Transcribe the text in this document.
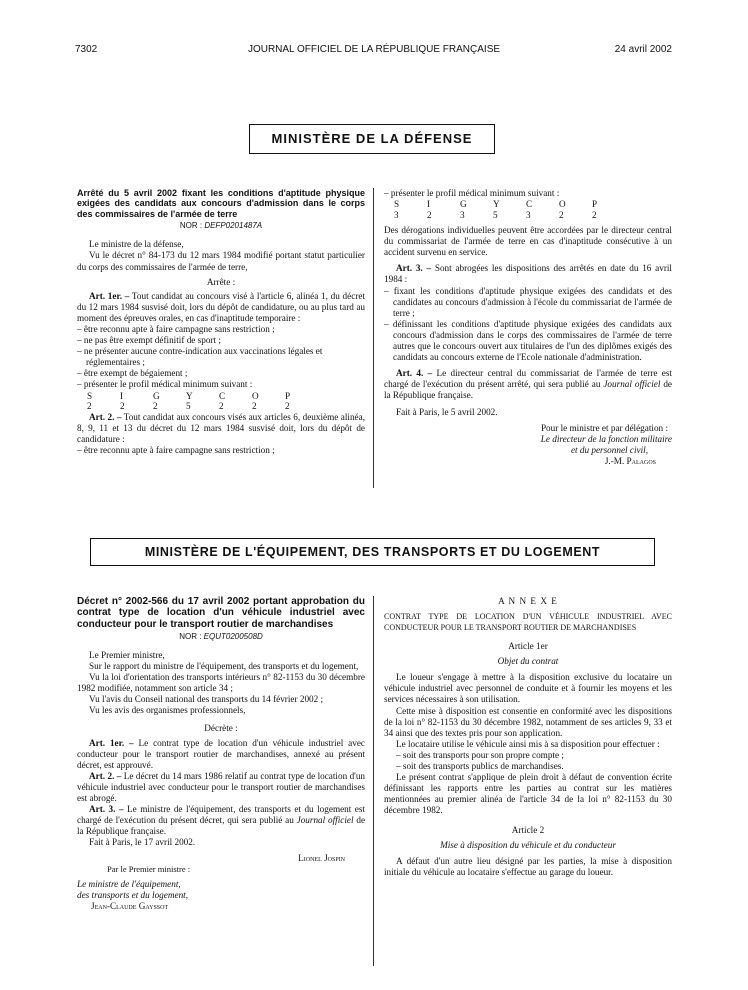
7302	JOURNAL OFFICIEL DE LA RÉPUBLIQUE FRANÇAISE	24 avril 2002
MINISTÈRE DE LA DÉFENSE

Arrêté du 5 avril 2002 fixant les conditions d'aptitude physique exigées des candidats aux concours d'admission dans le corps des commissaires de l'armée de terre

NOR : DEFP0201487A

Le ministre de la défense,

Vu le décret n° 84-173 du 12 mars 1984 modifié portant statut particulier du corps des commissaires de l'armée de terre,

Arrête :

Art. 1er. – Tout candidat au concours visé à l'article 6, alinéa 1, du décret du 12 mars 1984 susvisé doit, lors du dépôt de candidature, ou au plus tard au moment des épreuves orales, en cas d'inaptitude temporaire :

– être reconnu apte à faire campagne sans restriction ;

– ne pas être exempt définitif de sport ;

– ne présenter aucune contre-indication aux vaccinations légales et réglementaires ;

– être exempt de bégaiement ;

– présenter le profil médical minimum suivant :

S	I	G	Y	C	O	P
2	2	2	5	2	2	2

Art. 2. – Tout candidat aux concours visés aux articles 6, deuxième alinéa, 8, 9, 11 et 13 du décret du 12 mars 1984 susvisé doit, lors du dépôt de candidature :

– être reconnu apte à faire campagne sans restriction ;

– présenter le profil médical minimum suivant :

S	I	G	Y	C	O	P
3	2	3	5	3	2	2

Des dérogations individuelles peuvent être accordées par le directeur central du commissariat de l'armée de terre en cas d'inaptitude consécutive à un accident survenu en service.

Art. 3. – Sont abrogées les dispositions des arrêtés en date du 16 avril 1984 :

– fixant les conditions d'aptitude physique exigées des candidats et des candidates au concours d'admission à l'école du commissariat de l'armée de terre ;

– définissant les conditions d'aptitude physique exigées des candidats aux concours d'admission dans le corps des commissaires de l'armée de terre autres que le concours ouvert aux titulaires de l'un des diplômes exigés des candidats au concours externe de l'Ecole nationale d'administration.

Art. 4. – Le directeur central du commissariat de l'armée de terre est chargé de l'exécution du présent arrêté, qui sera publié au Journal officiel de la République française.

Fait à Paris, le 5 avril 2002.

Pour le ministre et par délégation :

Le directeur de la fonction militaire

et du personnel civil,

J.-M. Palagos

MINISTÈRE DE L'ÉQUIPEMENT, DES TRANSPORTS ET DU LOGEMENT

Décret n° 2002-566 du 17 avril 2002 portant approbation du contrat type de location d'un véhicule industriel avec conducteur pour le transport routier de marchandises

NOR : EQUT0200508D

Le Premier ministre,

Sur le rapport du ministre de l'équipement, des transports et du logement,

Vu la loi d'orientation des transports intérieurs n° 82-1153 du 30 décembre 1982 modifiée, notamment son article 34 ;

Vu l'avis du Conseil national des transports du 14 février 2002 ;

Vu les avis des organismes professionnels,

Décrète :

Art. 1er. – Le contrat type de location d'un véhicule industriel avec conducteur pour le transport routier de marchandises, annexé au présent décret, est approuvé.

Art. 2. – Le décret du 14 mars 1986 relatif au contrat type de location d'un véhicule industriel avec conducteur pour le transport routier de marchandises est abrogé.

Art. 3. – Le ministre de l'équipement, des transports et du logement est chargé de l'exécution du présent décret, qui sera publié au Journal officiel de la République française.

Fait à Paris, le 17 avril 2002.

Lionel Jospin

Par le Premier ministre :

Le ministre de l'équipement,

des transports et du logement,

Jean-Claude Gayssot

A N N E X E

CONTRAT TYPE DE LOCATION D'UN VÉHICULE INDUSTRIEL AVEC CONDUCTEUR POUR LE TRANSPORT ROUTIER DE MARCHANDISES

Article 1er

Objet du contrat

Le loueur s'engage à mettre à la disposition exclusive du locataire un véhicule industriel avec personnel de conduite et à fournir les moyens et les services nécessaires à son utilisation.

Cette mise à disposition est consentie en conformité avec les dispositions de la loi n° 82-1153 du 30 décembre 1982, notamment de ses articles 9, 33 et 34 ainsi que des textes pris pour son application.

Le locataire utilise le véhicule ainsi mis à sa disposition pour effectuer :

– soit des transports pour son propre compte ;

– soit des transports publics de marchandises.

Le présent contrat s'applique de plein droit à défaut de convention écrite définissant les rapports entre les parties au contrat sur les matières mentionnées au premier alinéa de l'article 34 de la loi n° 82-1153 du 30 décembre 1982.

Article 2

Mise à disposition du véhicule et du conducteur

A défaut d'un autre lieu désigné par les parties, la mise à disposition initiale du véhicule au locataire s'effectue au garage du loueur.
